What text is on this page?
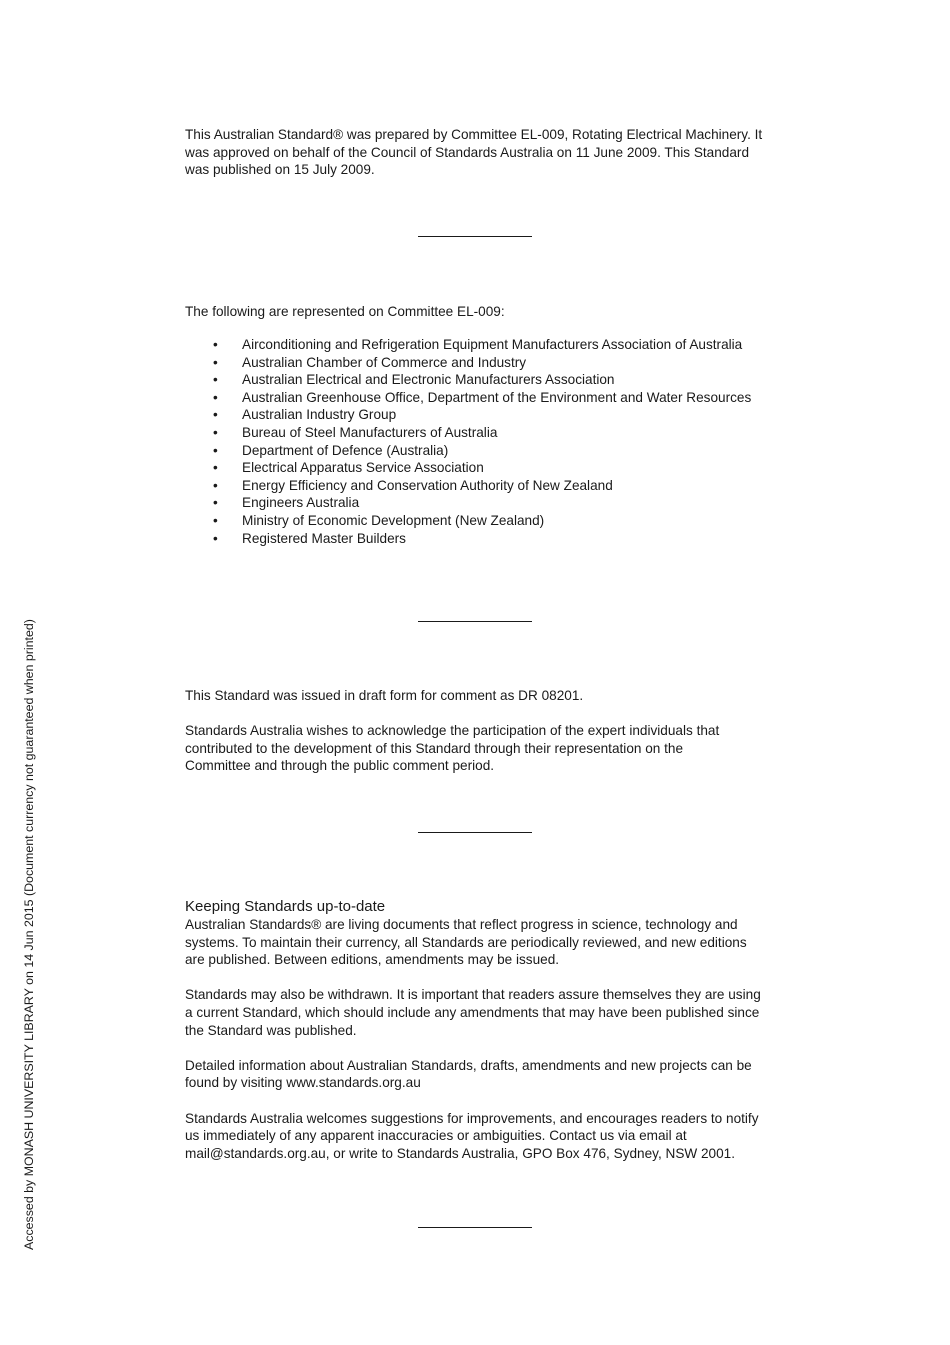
This Australian Standard® was prepared by Committee EL-009, Rotating Electrical Machinery. It was approved on behalf of the Council of Standards Australia on 11 June 2009. This Standard was published on 15 July 2009.

The following are represented on Committee EL-009:

• Airconditioning and Refrigeration Equipment Manufacturers Association of Australia
• Australian Chamber of Commerce and Industry
• Australian Electrical and Electronic Manufacturers Association
• Australian Greenhouse Office, Department of the Environment and Water Resources
• Australian Industry Group
• Bureau of Steel Manufacturers of Australia
• Department of Defence (Australia)
• Electrical Apparatus Service Association
• Energy Efficiency and Conservation Authority of New Zealand
• Engineers Australia
• Ministry of Economic Development (New Zealand)
• Registered Master Builders

This Standard was issued in draft form for comment as DR 08201.

Standards Australia wishes to acknowledge the participation of the expert individuals that contributed to the development of this Standard through their representation on the Committee and through the public comment period.

Keeping Standards up-to-date

Australian Standards® are living documents that reflect progress in science, technology and systems. To maintain their currency, all Standards are periodically reviewed, and new editions are published. Between editions, amendments may be issued.

Standards may also be withdrawn. It is important that readers assure themselves they are using a current Standard, which should include any amendments that may have been published since the Standard was published.

Detailed information about Australian Standards, drafts, amendments and new projects can be found by visiting www.standards.org.au

Standards Australia welcomes suggestions for improvements, and encourages readers to notify us immediately of any apparent inaccuracies or ambiguities. Contact us via email at mail@standards.org.au, or write to Standards Australia, GPO Box 476, Sydney, NSW 2001.

Accessed by MONASH UNIVERSITY LIBRARY on 14 Jun 2015 (Document currency not guaranteed when printed)
